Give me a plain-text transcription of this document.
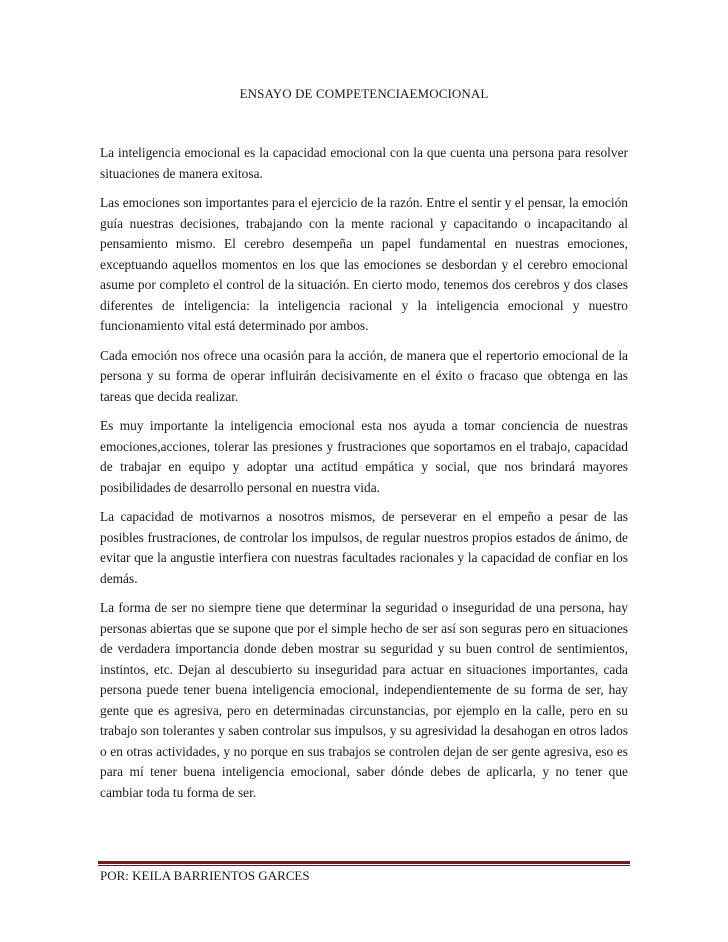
ENSAYO DE COMPETENCIAEMOCIONAL

La inteligencia emocional es la capacidad emocional con la que cuenta una persona para resolver situaciones de manera exitosa.

Las emociones son importantes para el ejercicio de la razón. Entre el sentir y el pensar, la emoción guía nuestras decisiones, trabajando con la mente racional y capacitando o incapacitando al pensamiento mismo. El cerebro desempeña un papel fundamental en nuestras emociones, exceptuando aquellos momentos en los que las emociones se desbordan y el cerebro emocional asume por completo el control de la situación. En cierto modo, tenemos dos cerebros y dos clases diferentes de inteligencia: la inteligencia racional y la inteligencia emocional y nuestro funcionamiento vital está determinado por ambos.

Cada emoción nos ofrece una ocasión para la acción, de manera que el repertorio emocional de la persona y su forma de operar influirán decisivamente en el éxito o fracaso que obtenga en las tareas que decida realizar.

Es muy importante la inteligencia emocional esta nos ayuda a tomar conciencia de nuestras emociones,acciones, tolerar las presiones y frustraciones que soportamos en el trabajo, capacidad de trabajar en equipo y adoptar una actitud empática y social, que nos brindará mayores posibilidades de desarrollo personal en nuestra vida.

La capacidad de motivarnos a nosotros mismos, de perseverar en el empeño a pesar de las posibles frustraciones, de controlar los impulsos, de regular nuestros propios estados de ánimo, de evitar que la angustie interfiera con nuestras facultades racionales y la capacidad de confiar en los demás.

La forma de ser no siempre tiene que determinar la seguridad o inseguridad de una persona, hay personas abiertas que se supone que por el simple hecho de ser así son seguras pero en situaciones de verdadera importancia donde deben mostrar su seguridad y su buen control de sentimientos, instintos, etc. Dejan al descubierto su inseguridad para actuar en situaciones importantes, cada persona puede tener buena inteligencia emocional, independientemente de su forma de ser, hay gente que es agresiva, pero en determinadas circunstancias, por ejemplo en la calle, pero en su trabajo son tolerantes y saben controlar sus impulsos, y su agresividad la desahogan en otros lados o en otras actividades, y no porque en sus trabajos se controlen dejan de ser gente agresiva, eso es para mí tener buena inteligencia emocional, saber dónde debes de aplicarla, y no tener que cambiar toda tu forma de ser.

POR: KEILA BARRIENTOS GARCES
